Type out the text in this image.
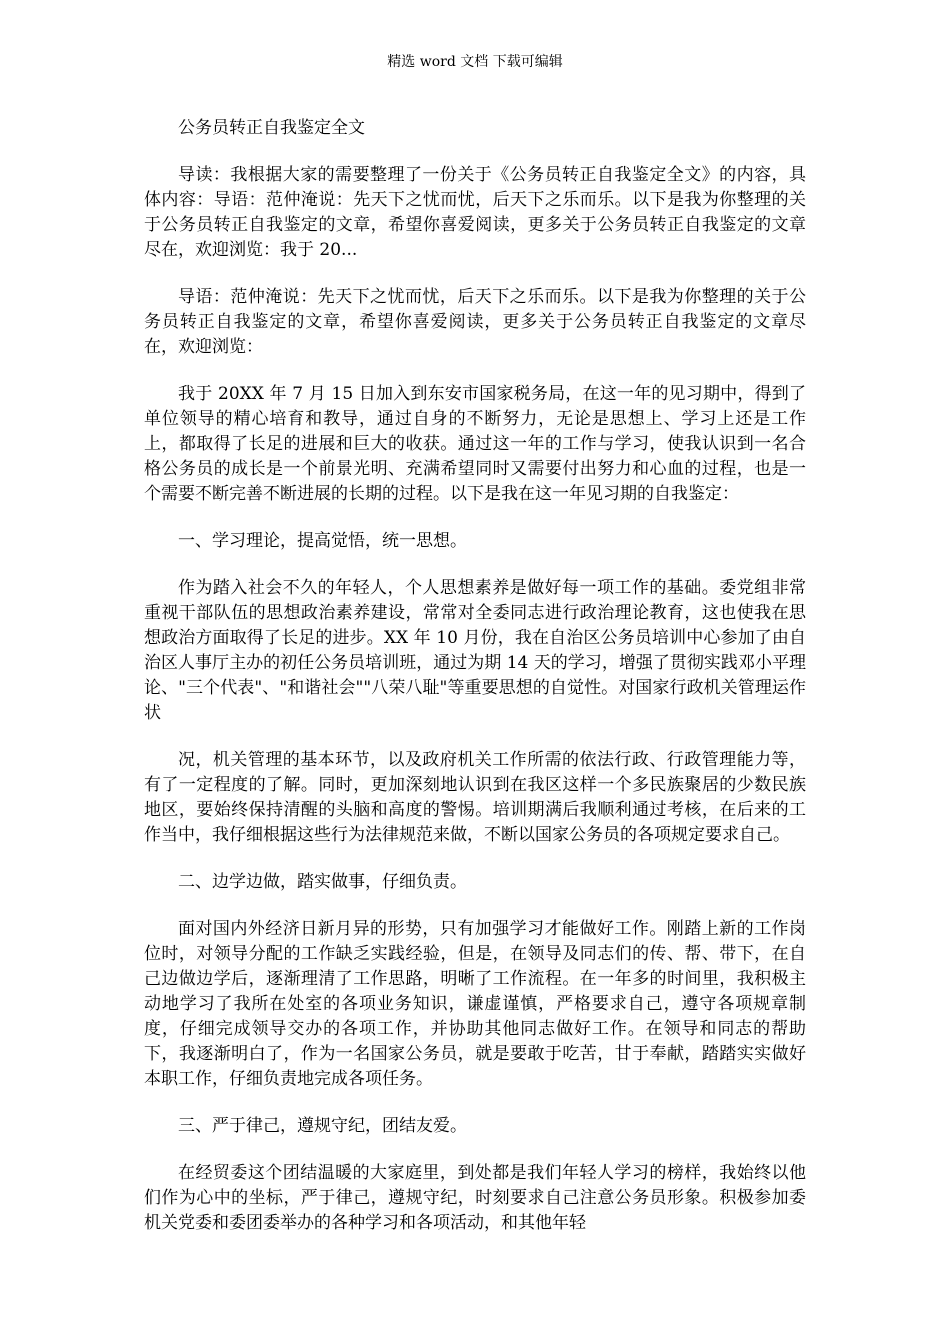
精选 word 文档 下载可编辑

公务员转正自我鉴定全文

导读：我根据大家的需要整理了一份关于《公务员转正自我鉴定全文》的内容，具体内容：导语：范仲淹说：先天下之忧而忧，后天下之乐而乐。以下是我为你整理的关于公务员转正自我鉴定的文章，希望你喜爱阅读，更多关于公务员转正自我鉴定的文章尽在，欢迎浏览：我于 20...

导语：范仲淹说：先天下之忧而忧，后天下之乐而乐。以下是我为你整理的关于公务员转正自我鉴定的文章，希望你喜爱阅读，更多关于公务员转正自我鉴定的文章尽在，欢迎浏览：

我于 20XX 年 7 月 15 日加入到东安市国家税务局，在这一年的见习期中，得到了单位领导的精心培育和教导，通过自身的不断努力，无论是思想上、学习上还是工作上，都取得了长足的进展和巨大的收获。通过这一年的工作与学习，使我认识到一名合格公务员的成长是一个前景光明、充满希望同时又需要付出努力和心血的过程，也是一个需要不断完善不断进展的长期的过程。以下是我在这一年见习期的自我鉴定：

一、学习理论，提高觉悟，统一思想。

作为踏入社会不久的年轻人，个人思想素养是做好每一项工作的基础。委党组非常重视干部队伍的思想政治素养建设，常常对全委同志进行政治理论教育，这也使我在思想政治方面取得了长足的进步。XX 年 10 月份，我在自治区公务员培训中心参加了由自治区人事厅主办的初任公务员培训班，通过为期 14 天的学习，增强了贯彻实践邓小平理论、"三个代表"、"和谐社会""八荣八耻"等重要思想的自觉性。对国家行政机关管理运作状

况，机关管理的基本环节，以及政府机关工作所需的依法行政、行政管理能力等，有了一定程度的了解。同时，更加深刻地认识到在我区这样一个多民族聚居的少数民族地区，要始终保持清醒的头脑和高度的警惕。培训期满后我顺利通过考核，在后来的工作当中，我仔细根据这些行为法律规范来做，不断以国家公务员的各项规定要求自己。

二、边学边做，踏实做事，仔细负责。

面对国内外经济日新月异的形势，只有加强学习才能做好工作。刚踏上新的工作岗位时，对领导分配的工作缺乏实践经验，但是，在领导及同志们的传、帮、带下，在自己边做边学后，逐渐理清了工作思路，明晰了工作流程。在一年多的时间里，我积极主动地学习了我所在处室的各项业务知识，谦虚谨慎，严格要求自己，遵守各项规章制度，仔细完成领导交办的各项工作，并协助其他同志做好工作。在领导和同志的帮助下，我逐渐明白了，作为一名国家公务员，就是要敢于吃苦，甘于奉献，踏踏实实做好本职工作，仔细负责地完成各项任务。

三、严于律己，遵规守纪，团结友爱。

在经贸委这个团结温暖的大家庭里，到处都是我们年轻人学习的榜样，我始终以他们作为心中的坐标，严于律己，遵规守纪，时刻要求自己注意公务员形象。积极参加委机关党委和委团委举办的各种学习和各项活动，和其他年轻
